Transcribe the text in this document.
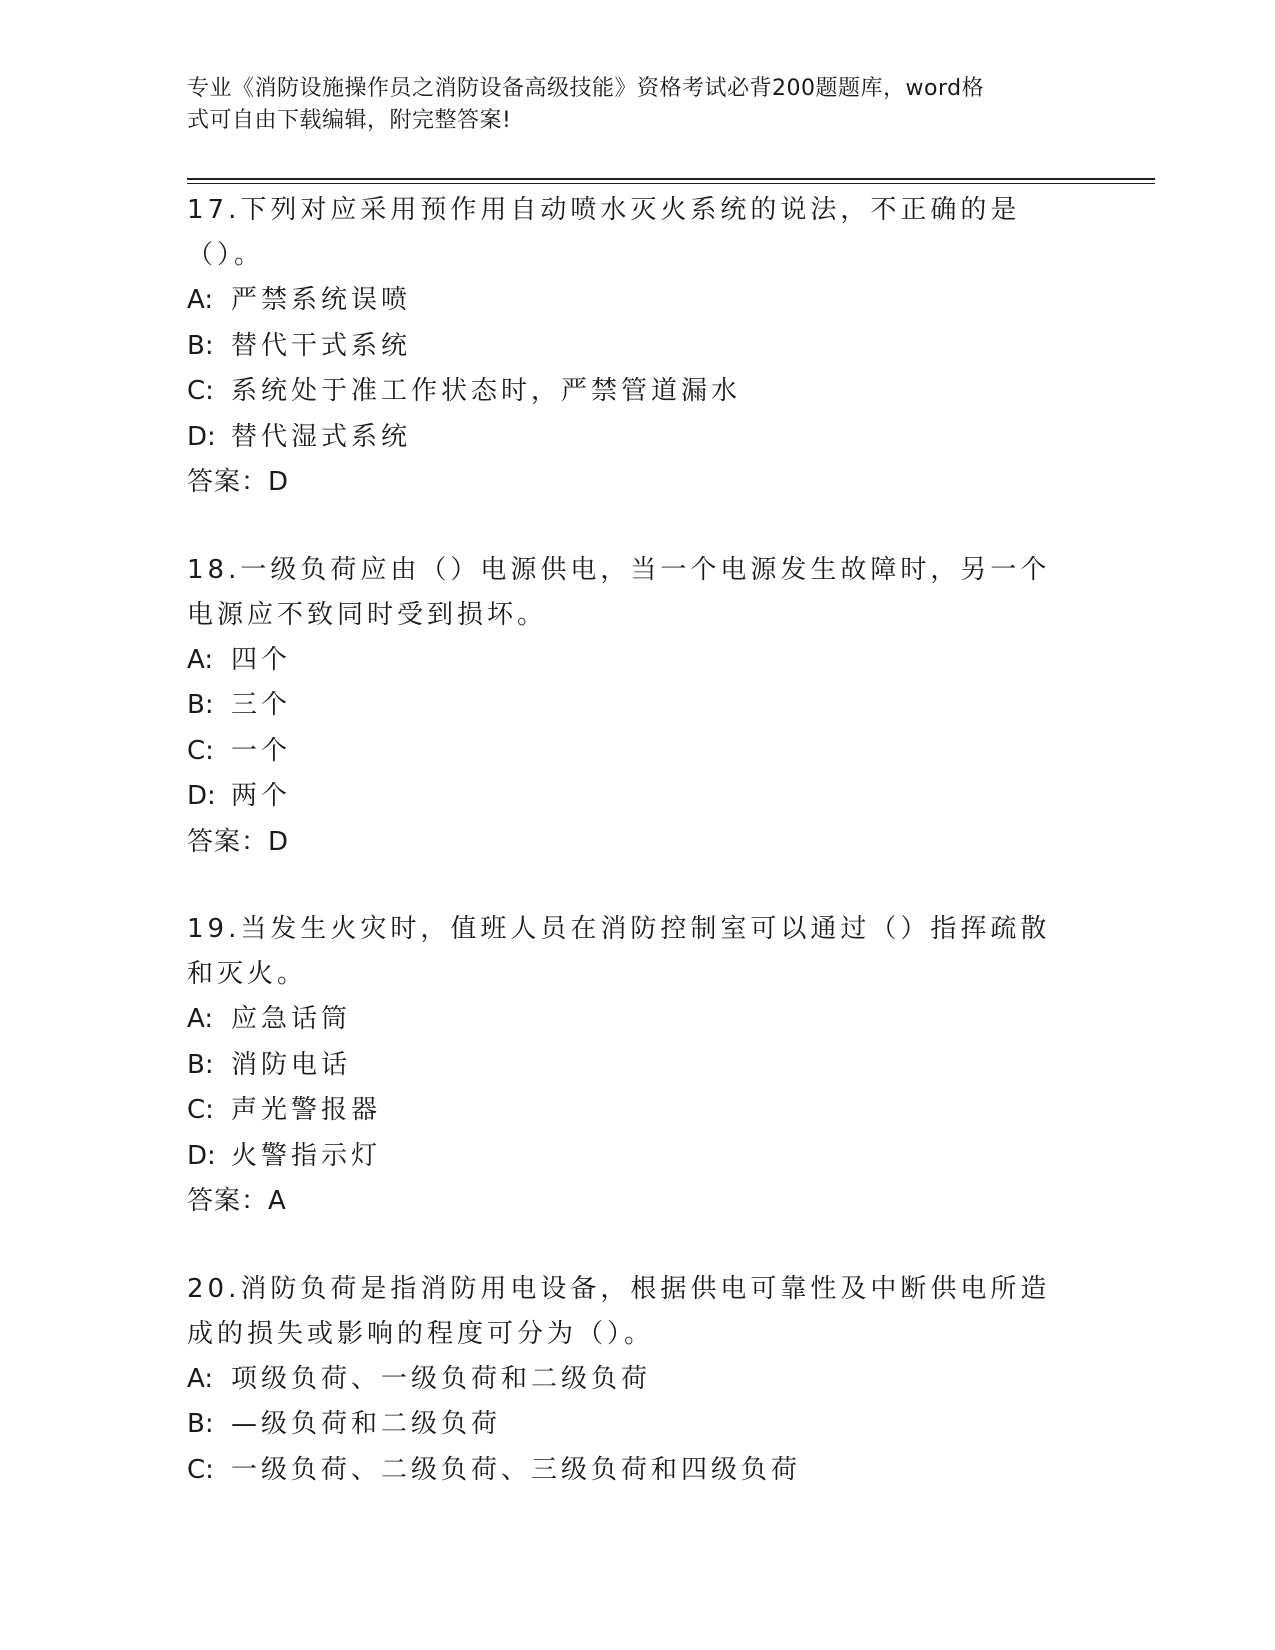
专业《消防设施操作员之消防设备高级技能》资格考试必背200题题库，word格
式可自由下载编辑，附完整答案!
17.下列对应采用预作用自动喷水灭火系统的说法，不正确的是（）。
A: 严禁系统误喷
B: 替代干式系统
C: 系统处于准工作状态时，严禁管道漏水
D: 替代湿式系统
答案：D
18.一级负荷应由（）电源供电，当一个电源发生故障时，另一个电源应不致同时受到损坏。
A: 四个
B: 三个
C: 一个
D: 两个
答案：D
19.当发生火灾时，值班人员在消防控制室可以通过（）指挥疏散和灭火。
A: 应急话筒
B: 消防电话
C: 声光警报器
D: 火警指示灯
答案：A
20.消防负荷是指消防用电设备，根据供电可靠性及中断供电所造成的损失或影响的程度可分为（）。
A: 项级负荷、一级负荷和二级负荷
B: —级负荷和二级负荷
C: 一级负荷、二级负荷、三级负荷和四级负荷
